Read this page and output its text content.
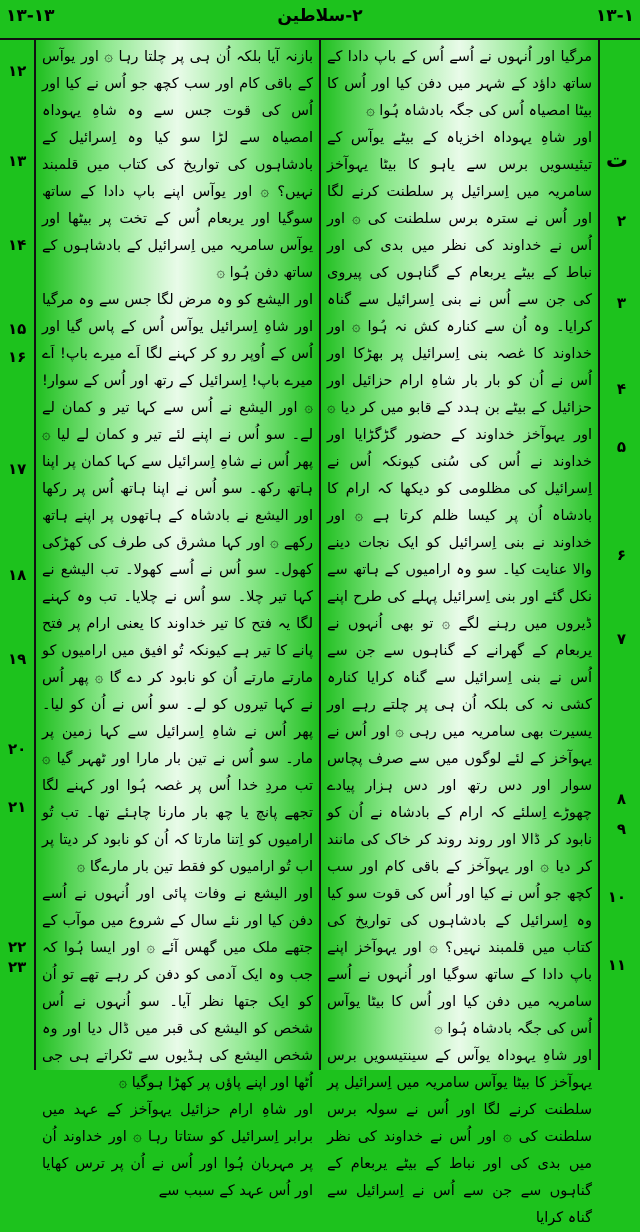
۱۳-۱۳	۲-سلاطین	۱۳-۱
۱۲
۱۳
۱۴
۱۵
۱۶
۱۷
۱۸
۱۹
۲۰
۲۱
۲۲
۲۳
بازنہ آیا بلکہ اُن ہی پر چلتا رہا ۞ اور یوآس کے باقی کام اور سب کچھ جو اُس نے کیا اور اُس کی قوت جس سے وہ شاہِ یہوداہ امصیاہ سے لڑا سو کیا وہ اِسرائیل کے بادشاہوں کی تواریخ کی کتاب میں قلمبند نہیں؟ ۞ اور یوآس اپنے باپ دادا کے ساتھ سوگیا اور یربعام اُس کے تخت پر بیٹھا اور یوآس سامریہ میں اِسرائیل کے بادشاہوں کے ساتھ دفن ہُوا ۞
اور الیشع کو وہ مرض لگا جس سے وہ مرگیا اور شاہِ اِسرائیل یوآس اُس کے پاس گیا اور اُس کے اُوپر رو کر کہنے لگا اَے میرے باپ! اَے میرے باپ! اِسرائیل کے رتھ اور اُس کے سوار! ۞ اور الیشع نے اُس سے کہا تیر و کمان لے لے۔ سو اُس نے اپنے لئے تیر و کمان لے لیا ۞ پھر اُس نے شاہِ اِسرائیل سے کہا کمان پر اپنا ہاتھ رکھ۔ سو اُس نے اپنا ہاتھ اُس پر رکھا اور الیشع نے بادشاہ کے ہاتھوں پر اپنے ہاتھ رکھے ۞ اور کہا مشرق کی طرف کی کھڑکی کھول۔ سو اُس نے اُسے کھولا۔ تب الیشع نے کہا تیر چلا۔ سو اُس نے چلایا۔ تب وہ کہنے لگا یہ فتح کا تیر خداوند کا یعنی ارام پر فتح پانے کا تیر ہے کیونکہ تُو افیق میں ارامیوں کو مارتے مارتے اُن کو نابود کر دے گا ۞ پھر اُس نے کہا تیروں کو لے۔ سو اُس نے اُن کو لیا۔ پھر اُس نے شاہِ اِسرائیل سے کہا زمین پر مار۔ سو اُس نے تین بار مارا اور ٹھہر گیا ۞ تب مردِ خدا اُس پر غصہ ہُوا اور کہنے لگا تجھے پانچ یا چھ بار مارنا چاہئے تھا۔ تب تُو ارامیوں کو اِتنا مارتا کہ اُن کو نابود کر دیتا پر اب تُو ارامیوں کو فقط تین بار مارےگا ۞
اور الیشع نے وفات پائی اور اُنہوں نے اُسے دفن کیا اور نئے سال کے شروع میں موآب کے جتھے ملک میں گھس آئے ۞ اور ایسا ہُوا کہ جب وہ ایک آدمی کو دفن کر رہے تھے تو اُن کو ایک جتھا نظر آیا۔ سو اُنہوں نے اُس شخص کو الیشع کی قبر میں ڈال دیا اور وہ شخص الیشع کی ہڈیوں سے ٹکراتے ہی جی اُٹھا اور اپنے پاؤں پر کھڑا ہوگیا ۞
اور شاہِ ارام حزائیل یہوآخز کے عہد میں برابر اِسرائیل کو ستاتا رہا ۞ اور خداوند اُن پر مہربان ہُوا اور اُس نے اُن پر ترس کھایا اور اُس عہد کے سبب سے
مرگیا اور اُنہوں نے اُسے اُس کے باپ دادا کے ساتھ داؤد کے شہر میں دفن کیا اور اُس کا بیٹا امصیاہ اُس کی جگہ بادشاہ ہُوا ۞
اور شاہِ یہوداہ اخزیاہ کے بیٹے یوآس کے تیئیسویں برس سے یاہو کا بیٹا یہوآخز سامریہ میں اِسرائیل پر سلطنت کرنے لگا اور اُس نے سترہ برس سلطنت کی ۞ اور اُس نے خداوند کی نظر میں بدی کی اور نباط کے بیٹے یربعام کے گناہوں کی پیروی کی جن سے اُس نے بنی اِسرائیل سے گناہ کرایا۔ وہ اُن سے کنارہ کش نہ ہُوا ۞ اور خداوند کا غصہ بنی اِسرائیل پر بھڑکا اور اُس نے اُن کو بار بار شاہِ ارام حزائیل اور حزائیل کے بیٹے بن ہدد کے قابو میں کر دیا ۞ اور یہوآخز خداوند کے حضور گڑگڑایا اور خداوند نے اُس کی سُنی کیونکہ اُس نے اِسرائیل کی مظلومی کو دیکھا کہ ارام کا بادشاہ اُن پر کیسا ظلم کرتا ہے ۞ اور خداوند نے بنی اِسرائیل کو ایک نجات دینے والا عنایت کیا۔ سو وہ ارامیوں کے ہاتھ سے نکل گئے اور بنی اِسرائیل پہلے کی طرح اپنے ڈیروں میں رہنے لگے ۞ تو بھی اُنہوں نے یربعام کے گھرانے کے گناہوں سے جن سے اُس نے بنی اِسرائیل سے گناہ کرایا کنارہ کشی نہ کی بلکہ اُن ہی پر چلتے رہے اور یسیرت بھی سامریہ میں رہی ۞ اور اُس نے یہوآخز کے لئے لوگوں میں سے صرف پچاس سوار اور دس رتھ اور دس ہزار پیادے چھوڑے اِسلئے کہ ارام کے بادشاہ نے اُن کو نابود کر ڈالا اور روند روند کر خاک کی مانند کر دیا ۞ اور یہوآخز کے باقی کام اور سب کچھ جو اُس نے کیا اور اُس کی قوت سو کیا وہ اِسرائیل کے بادشاہوں کی تواریخ کی کتاب میں قلمبند نہیں؟ ۞ اور یہوآخز اپنے باپ دادا کے ساتھ سوگیا اور اُنہوں نے اُسے سامریہ میں دفن کیا اور اُس کا بیٹا یوآس اُس کی جگہ بادشاہ ہُوا ۞
اور شاہِ یہوداہ یوآس کے سینتیسویں برس یہوآخز کا بیٹا یوآس سامریہ میں اِسرائیل پر سلطنت کرنے لگا اور اُس نے سولہ برس سلطنت کی ۞ اور اُس نے خداوند کی نظر میں بدی کی اور نباط کے بیٹے یربعام کے گناہوں سے جن سے اُس نے اِسرائیل سے گناہ کرایا
ت
۲
۳
۴
۵
۶
۷
۸
۹
۱۰
۱۱
